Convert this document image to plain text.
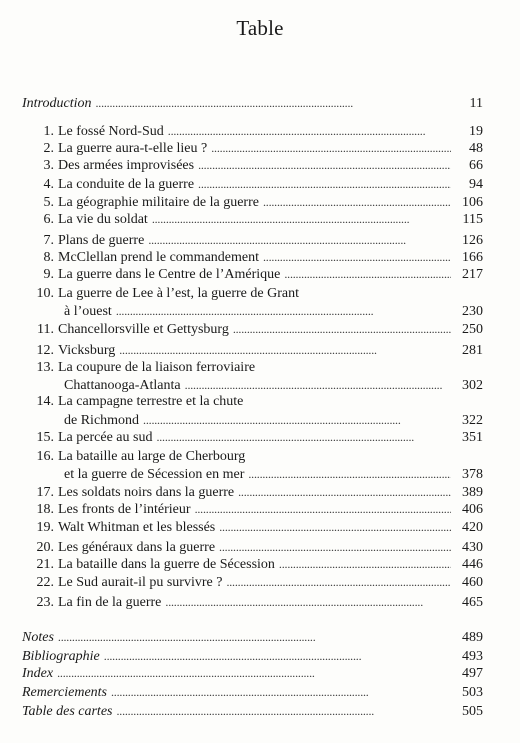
Table
Introduction . . .	11
1. Le fossé Nord-Sud . . .	19
2. La guerre aura-t-elle lieu ? . . .	48
3. Des armées improvisées . . .	66
4. La conduite de la guerre . . .	94
5. La géographie militaire de la guerre . . .	106
6. La vie du soldat . . .	115
7. Plans de guerre . . .	126
8. McClellan prend le commandement . . .	166
9. La guerre dans le Centre de l’Amérique . . .	217
10. La guerre de Lee à l’est, la guerre de Grant
à l’ouest . . .	230
11. Chancellorsville et Gettysburg . . .	250
12. Vicksburg . . .	281
13. La coupure de la liaison ferroviaire
Chattanooga-Atlanta . . .	302
14. La campagne terrestre et la chute
de Richmond . . .	322
15. La percée au sud . . .	351
16. La bataille au large de Cherbourg
et la guerre de Sécession en mer . . .	378
17. Les soldats noirs dans la guerre . . .	389
18. Les fronts de l’intérieur . . .	406
19. Walt Whitman et les blessés . . .	420
20. Les généraux dans la guerre . . .	430
21. La bataille dans la guerre de Sécession . . .	446
22. Le Sud aurait-il pu survivre ? . . .	460
23. La fin de la guerre . . .	465
Notes . . .	489
Bibliographie . . .	493
Index . . .	497
Remerciements . . .	503
Table des cartes . . .	505
